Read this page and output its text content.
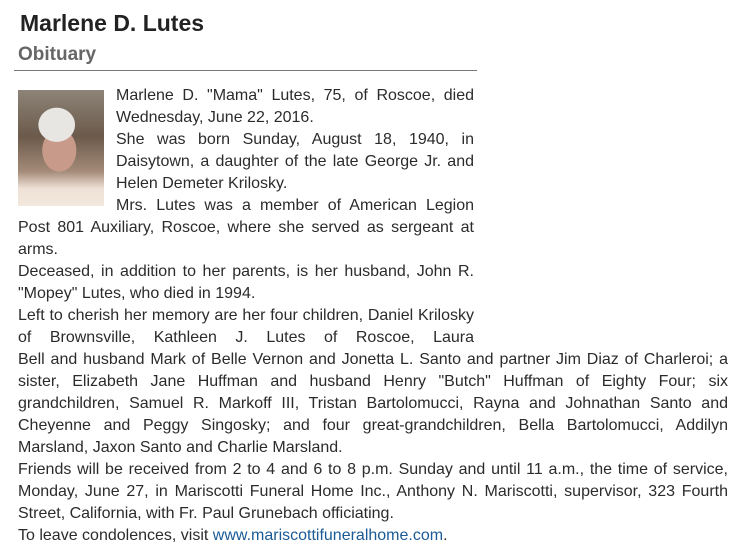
Marlene D. Lutes
Obituary

Marlene D. "Mama" Lutes, 75, of Roscoe, died Wednesday, June 22, 2016.

She was born Sunday, August 18, 1940, in Daisytown, a daughter of the late George Jr. and Helen Demeter Krilosky.

Mrs. Lutes was a member of American Legion Post 801 Auxiliary, Roscoe, where she served as sergeant at arms.

Deceased, in addition to her parents, is her husband, John R. "Mopey" Lutes, who died in 1994.

Left to cherish her memory are her four children, Daniel Krilosky of Brownsville, Kathleen J. Lutes of Roscoe, Laura

Bell and husband Mark of Belle Vernon and Jonetta L. Santo and partner Jim Diaz of Charleroi; a sister, Elizabeth Jane Huffman and husband Henry "Butch" Huffman of Eighty Four; six grandchildren, Samuel R. Markoff III, Tristan Bartolomucci, Rayna and Johnathan Santo and Cheyenne and Peggy Singosky; and four great-grandchildren, Bella Bartolomucci, Addilyn Marsland, Jaxon Santo and Charlie Marsland.

Friends will be received from 2 to 4 and 6 to 8 p.m. Sunday and until 11 a.m., the time of service, Monday, June 27, in Mariscotti Funeral Home Inc., Anthony N. Mariscotti, supervisor, 323 Fourth Street, California, with Fr. Paul Grunebach officiating.

To leave condolences, visit www.mariscottifuneralhome.com.
